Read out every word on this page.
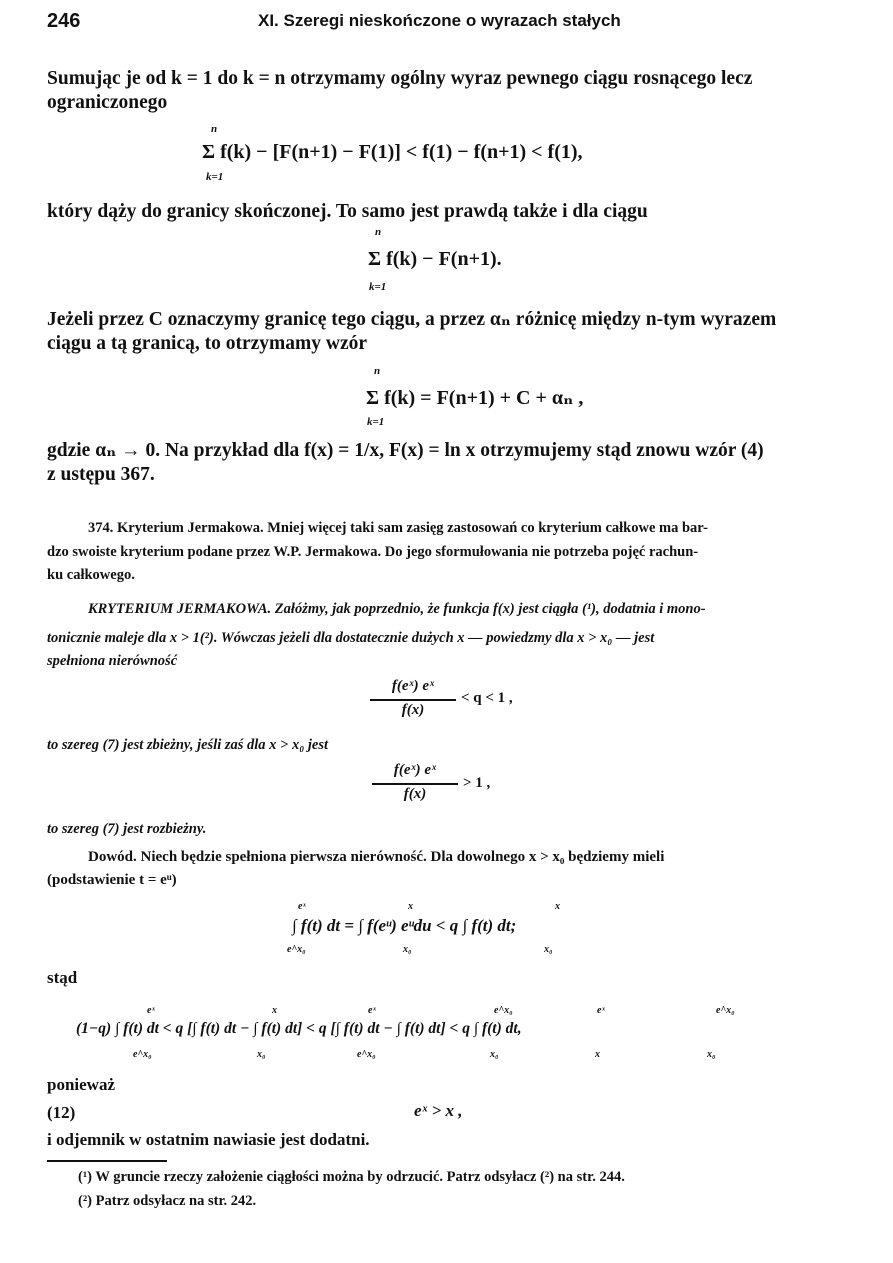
246	XI. Szeregi nieskończone o wyrazach stałych
Sumując je od k = 1 do k = n otrzymamy ogólny wyraz pewnego ciągu rosnącego lecz
ograniczonego
n
Σ f(k) − [F(n+1) − F(1)] < f(1) − f(n+1) < f(1),
k=1
który dąży do granicy skończonej. To samo jest prawdą także i dla ciągu
n
Σ f(k) − F(n+1).
k=1
Jeżeli przez C oznaczymy granicę tego ciągu, a przez αₙ różnicę między n-tym wyrazem
ciągu a tą granicą, to otrzymamy wzór
n
Σ f(k) = F(n+1) + C + αₙ ,
k=1
gdzie αₙ → 0. Na przykład dla f(x) = 1/x, F(x) = ln x otrzymujemy stąd znowu wzór (4)
z ustępu 367.
374. Kryterium Jermakowa. Mniej więcej taki sam zasięg zastosowań co kryterium całkowe ma bar-
dzo swoiste kryterium podane przez W.P. Jermakowa. Do jego sformułowania nie potrzeba pojęć rachun-
ku całkowego.
KRYTERIUM JERMAKOWA. Załóżmy, jak poprzednio, że funkcja f(x) jest ciągła (¹), dodatnia i mono-
tonicznie maleje dla x > 1(²). Wówczas jeżeli dla dostatecznie dużych x — powiedzmy dla x > x₀ — jest
spełniona nierówność
f(eˣ) eˣ
f(x)
< q < 1 ,
to szereg (7) jest zbieżny, jeśli zaś dla x > x₀ jest
f(eˣ) eˣ
f(x)
> 1 ,
to szereg (7) jest rozbieżny.
Dowód. Niech będzie spełniona pierwsza nierówność. Dla dowolnego x > x₀ będziemy mieli
(podstawienie t = eᵘ)
eˣ	x	x
∫ f(t) dt = ∫ f(eᵘ) eᵘdu < q ∫ f(t) dt;
e^x₀	x₀	x₀
stąd
eˣ	x	eˣ	e^x₀	eˣ	e^x₀
(1−q) ∫ f(t) dt < q [∫ f(t) dt − ∫ f(t) dt] < q [∫ f(t) dt − ∫ f(t) dt] < q ∫ f(t) dt,
e^x₀	x₀	e^x₀	x₀	x	x₀
ponieważ
(12)	eˣ > x ,
i odjemnik w ostatnim nawiasie jest dodatni.
(¹) W gruncie rzeczy założenie ciągłości można by odrzucić. Patrz odsyłacz (²) na str. 244.
(²) Patrz odsyłacz na str. 242.
